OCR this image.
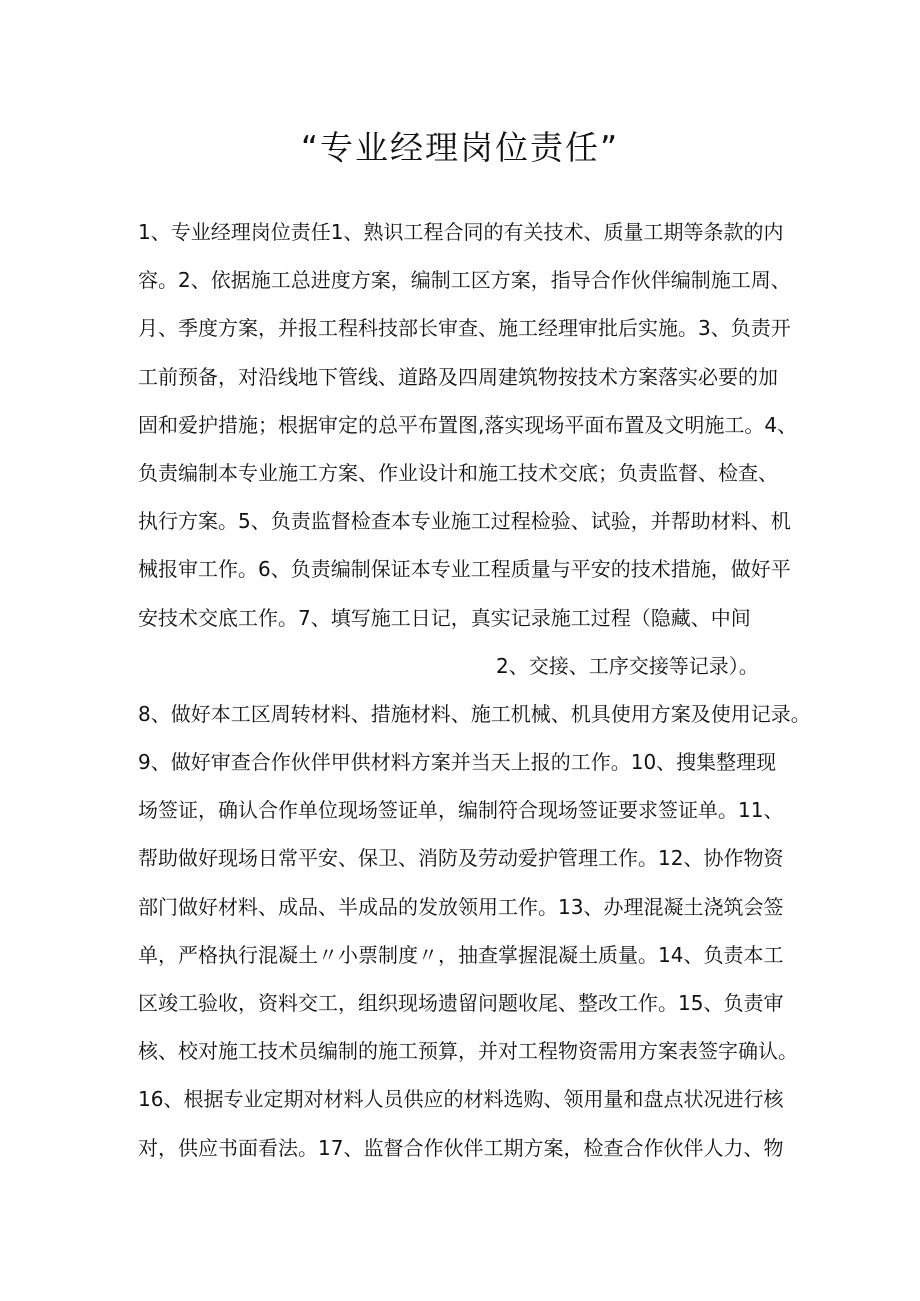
“专业经理岗位责任”
1、专业经理岗位责任1、熟识工程合同的有关技术、质量工期等条款的内
容。2、依据施工总进度方案，编制工区方案，指导合作伙伴编制施工周、
月、季度方案，并报工程科技部长审查、施工经理审批后实施。3、负责开
工前预备，对沿线地下管线、道路及四周建筑物按技术方案落实必要的加
固和爱护措施；根据审定的总平布置图,落实现场平面布置及文明施工。4、
负责编制本专业施工方案、作业设计和施工技术交底；负责监督、检查、
执行方案。5、负责监督检查本专业施工过程检验、试验，并帮助材料、机
械报审工作。6、负责编制保证本专业工程质量与平安的技术措施，做好平
安技术交底工作。7、填写施工日记，真实记录施工过程（隐藏、中间
2、交接、工序交接等记录）。
8、做好本工区周转材料、措施材料、施工机械、机具使用方案及使用记录。
9、做好审查合作伙伴甲供材料方案并当天上报的工作。10、搜集整理现
场签证，确认合作单位现场签证单，编制符合现场签证要求签证单。11、
帮助做好现场日常平安、保卫、消防及劳动爱护管理工作。12、协作物资
部门做好材料、成品、半成品的发放领用工作。13、办理混凝土浇筑会签
单，严格执行混凝土〃小票制度〃，抽查掌握混凝土质量。14、负责本工
区竣工验收，资料交工，组织现场遗留问题收尾、整改工作。15、负责审
核、校对施工技术员编制的施工预算，并对工程物资需用方案表签字确认。
16、根据专业定期对材料人员供应的材料选购、领用量和盘点状况进行核
对，供应书面看法。17、监督合作伙伴工期方案，检查合作伙伴人力、物
